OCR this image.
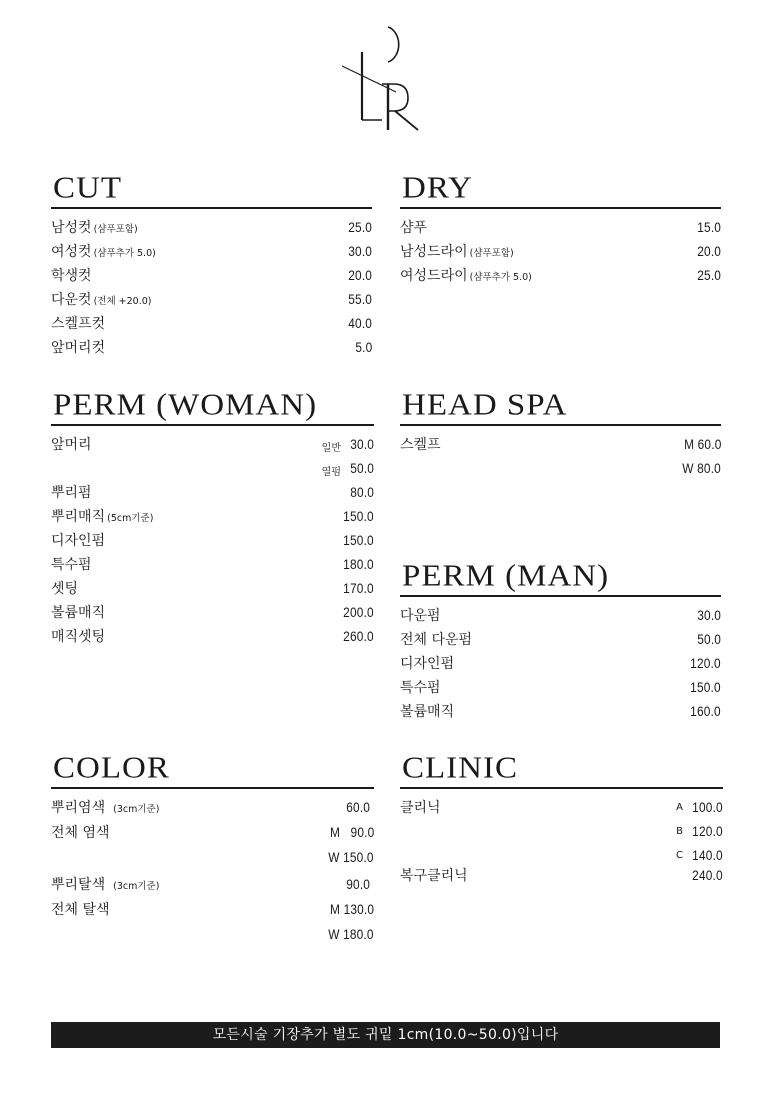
CUT
남성컷 (샴푸포함)	25.0
여성컷 (샴푸추가 5.0)	30.0
학생컷	20.0
다운컷 (전체 +20.0)	55.0
스켈프컷	40.0
앞머리컷	5.0
DRY
샴푸	15.0
남성드라이 (샴푸포함)	20.0
여성드라이 (샴푸추가 5.0)	25.0
PERM (WOMAN)
앞머리	일반 30.0
열펌 50.0
뿌리펌	80.0
뿌리매직 (5cm기준)	150.0
디자인펌	150.0
특수펌	180.0
셋팅	170.0
볼륨매직	200.0
매직셋팅	260.0
HEAD SPA
스켈프	M 60.0
W 80.0
PERM (MAN)
다운펌	30.0
전체 다운펌	50.0
디자인펌	120.0
특수펌	150.0
볼륨매직	160.0
COLOR
뿌리염색 (3cm기준)	60.0
전체 염색	M   90.0
W 150.0
뿌리탈색 (3cm기준)	90.0
전체 탈색	M 130.0
W 180.0
CLINIC
클리닉	A 100.0
B 120.0
C 140.0
복구클리닉	240.0
모든시술 기장추가 별도 귀밑 1cm(10.0~50.0)입니다
